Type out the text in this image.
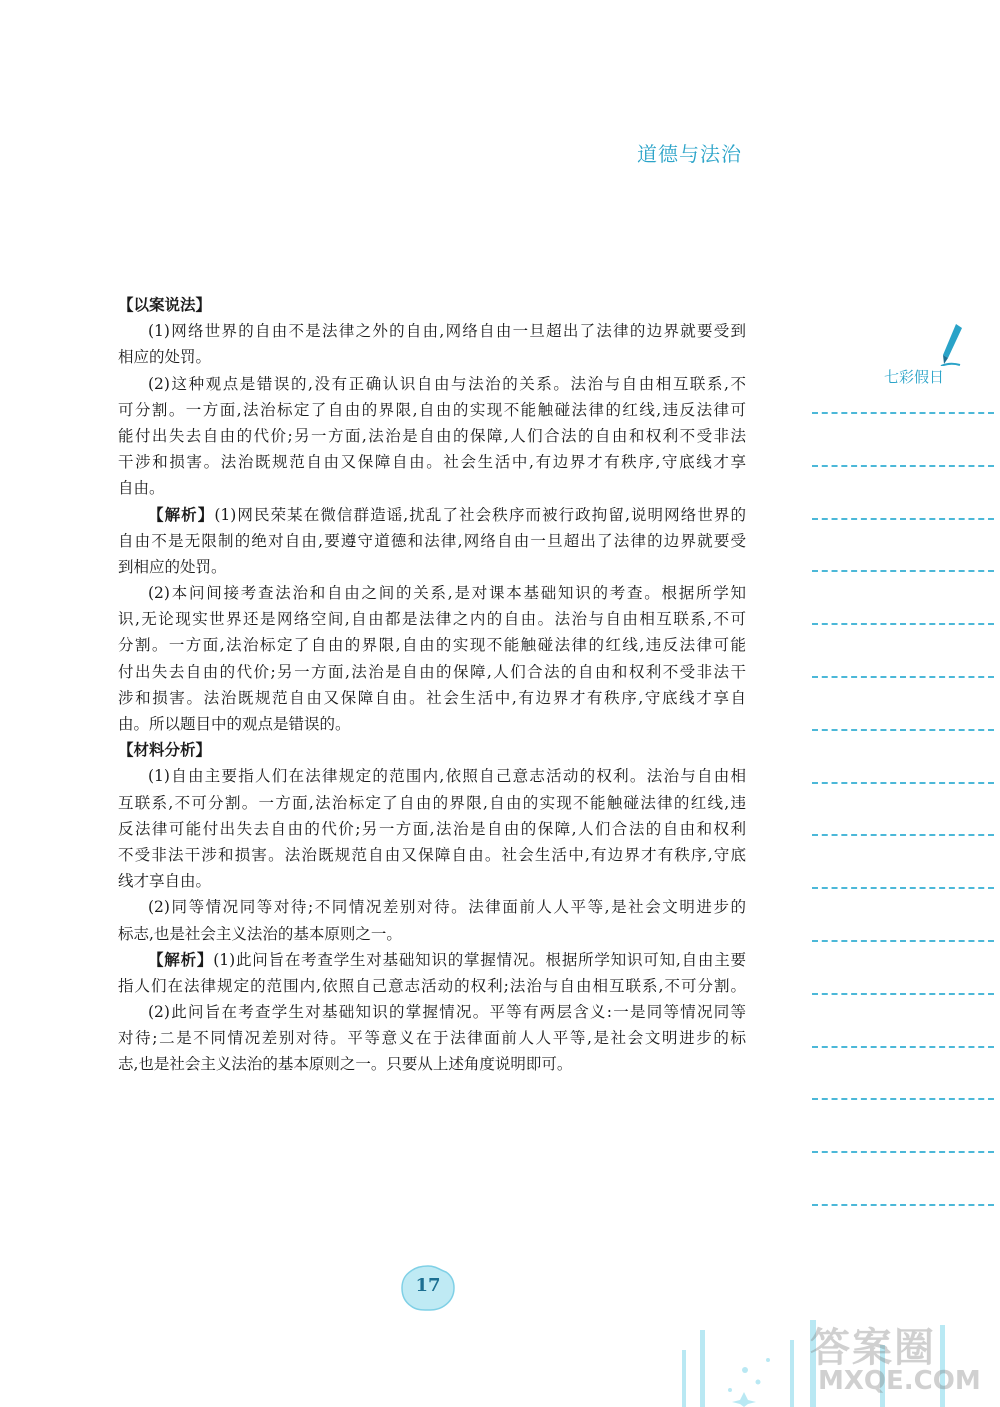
道德与法治
七彩假日
【以案说法】
(1)网络世界的自由不是法律之外的自由,网络自由一旦超出了法律的边界就要受到
相应的处罚。
(2)这种观点是错误的,没有正确认识自由与法治的关系。法治与自由相互联系,不
可分割。一方面,法治标定了自由的界限,自由的实现不能触碰法律的红线,违反法律可
能付出失去自由的代价;另一方面,法治是自由的保障,人们合法的自由和权利不受非法
干涉和损害。法治既规范自由又保障自由。社会生活中,有边界才有秩序,守底线才享
自由。
【解析】(1)网民荣某在微信群造谣,扰乱了社会秩序而被行政拘留,说明网络世界的
自由不是无限制的绝对自由,要遵守道德和法律,网络自由一旦超出了法律的边界就要受
到相应的处罚。
(2)本问间接考查法治和自由之间的关系,是对课本基础知识的考查。根据所学知
识,无论现实世界还是网络空间,自由都是法律之内的自由。法治与自由相互联系,不可
分割。一方面,法治标定了自由的界限,自由的实现不能触碰法律的红线,违反法律可能
付出失去自由的代价;另一方面,法治是自由的保障,人们合法的自由和权利不受非法干
涉和损害。法治既规范自由又保障自由。社会生活中,有边界才有秩序,守底线才享自
由。所以题目中的观点是错误的。
【材料分析】
(1)自由主要指人们在法律规定的范围内,依照自己意志活动的权利。法治与自由相
互联系,不可分割。一方面,法治标定了自由的界限,自由的实现不能触碰法律的红线,违
反法律可能付出失去自由的代价;另一方面,法治是自由的保障,人们合法的自由和权利
不受非法干涉和损害。法治既规范自由又保障自由。社会生活中,有边界才有秩序,守底
线才享自由。
(2)同等情况同等对待;不同情况差别对待。法律面前人人平等,是社会文明进步的
标志,也是社会主义法治的基本原则之一。
【解析】(1)此问旨在考查学生对基础知识的掌握情况。根据所学知识可知,自由主要
指人们在法律规定的范围内,依照自己意志活动的权利;法治与自由相互联系,不可分割。
(2)此问旨在考查学生对基础知识的掌握情况。平等有两层含义:一是同等情况同等
对待;二是不同情况差别对待。平等意义在于法律面前人人平等,是社会文明进步的标
志,也是社会主义法治的基本原则之一。只要从上述角度说明即可。
17
答案圈
MXQE.COM
